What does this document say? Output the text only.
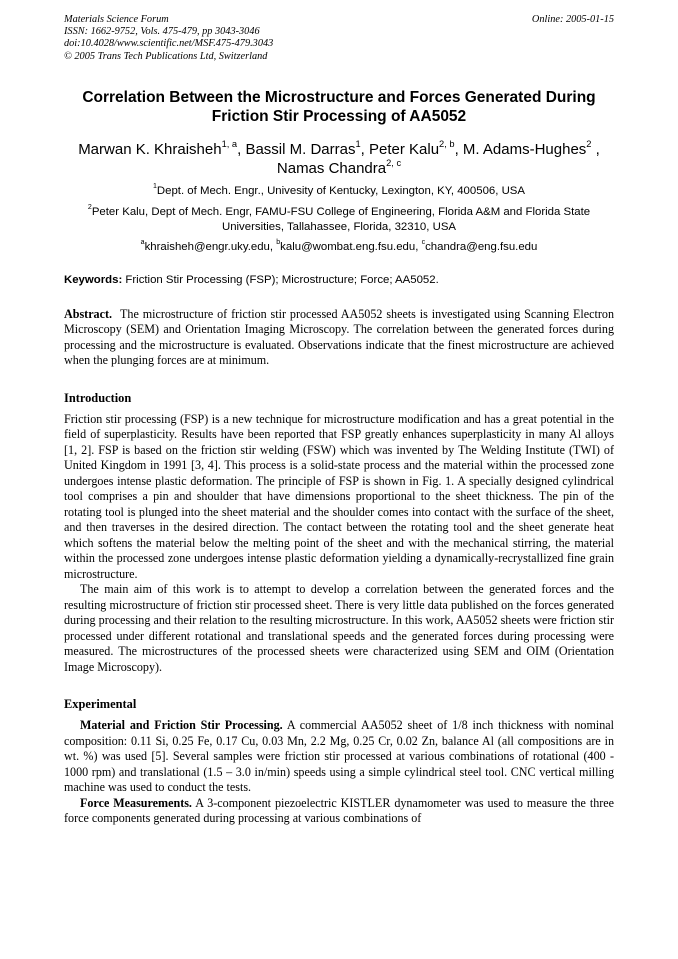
Materials Science Forum
ISSN: 1662-9752, Vols. 475-479, pp 3043-3046
doi:10.4028/www.scientific.net/MSF.475-479.3043
© 2005 Trans Tech Publications Ltd, Switzerland
Online: 2005-01-15
Correlation Between the Microstructure and Forces Generated During Friction Stir Processing of AA5052
Marwan K. Khraisheh$^{1, a}$, Bassil M. Darras$^1$, Peter Kalu$^{2, b}$, M. Adams-Hughes$^2$ , Namas Chandra$^{2, c}$
$^1$Dept. of Mech. Engr., Univesity of Kentucky, Lexington, KY, 400506, USA
$^2$Peter Kalu, Dept of Mech. Engr, FAMU-FSU College of Engineering, Florida A&M and Florida State Universities, Tallahassee, Florida, 32310, USA
$^a$khraisheh@engr.uky.edu, $^b$kalu@wombat.eng.fsu.edu, $^c$chandra@eng.fsu.edu
Keywords: Friction Stir Processing (FSP); Microstructure; Force; AA5052.
Abstract. The microstructure of friction stir processed AA5052 sheets is investigated using Scanning Electron Microscopy (SEM) and Orientation Imaging Microscopy. The correlation between the generated forces during processing and the microstructure is evaluated. Observations indicate that the finest microstructure are achieved when the plunging forces are at minimum.
Introduction

Friction stir processing (FSP) is a new technique for microstructure modification and has a great potential in the field of superplasticity. Results have been reported that FSP greatly enhances superplasticity in many Al alloys [1, 2]. FSP is based on the friction stir welding (FSW) which was invented by The Welding Institute (TWI) of United Kingdom in 1991 [3, 4]. This process is a solid-state process and the material within the processed zone undergoes intense plastic deformation. The principle of FSP is shown in Fig. 1. A specially designed cylindrical tool comprises a pin and shoulder that have dimensions proportional to the sheet thickness. The pin of the rotating tool is plunged into the sheet material and the shoulder comes into contact with the surface of the sheet, and then traverses in the desired direction. The contact between the rotating tool and the sheet generate heat which softens the material below the melting point of the sheet and with the mechanical stirring, the material within the processed zone undergoes intense plastic deformation yielding a dynamically-recrystallized fine grain microstructure.

The main aim of this work is to attempt to develop a correlation between the generated forces and the resulting microstructure of friction stir processed sheet. There is very little data published on the forces generated during processing and their relation to the resulting microstructure. In this work, AA5052 sheets were friction stir processed under different rotational and translational speeds and the generated forces during processing were measured. The microstructures of the processed sheets were characterized using SEM and OIM (Orientation Image Microscopy).

Experimental

Material and Friction Stir Processing. A commercial AA5052 sheet of 1/8 inch thickness with nominal composition: 0.11 Si, 0.25 Fe, 0.17 Cu, 0.03 Mn, 2.2 Mg, 0.25 Cr, 0.02 Zn, balance Al (all compositions are in wt. %) was used [5]. Several samples were friction stir processed at various combinations of rotational (400 - 1000 rpm) and translational (1.5 – 3.0 in/min) speeds using a simple cylindrical steel tool. CNC vertical milling machine was used to conduct the tests.

Force Measurements. A 3-component piezoelectric KISTLER dynamometer was used to measure the three force components generated during processing at various combinations of
